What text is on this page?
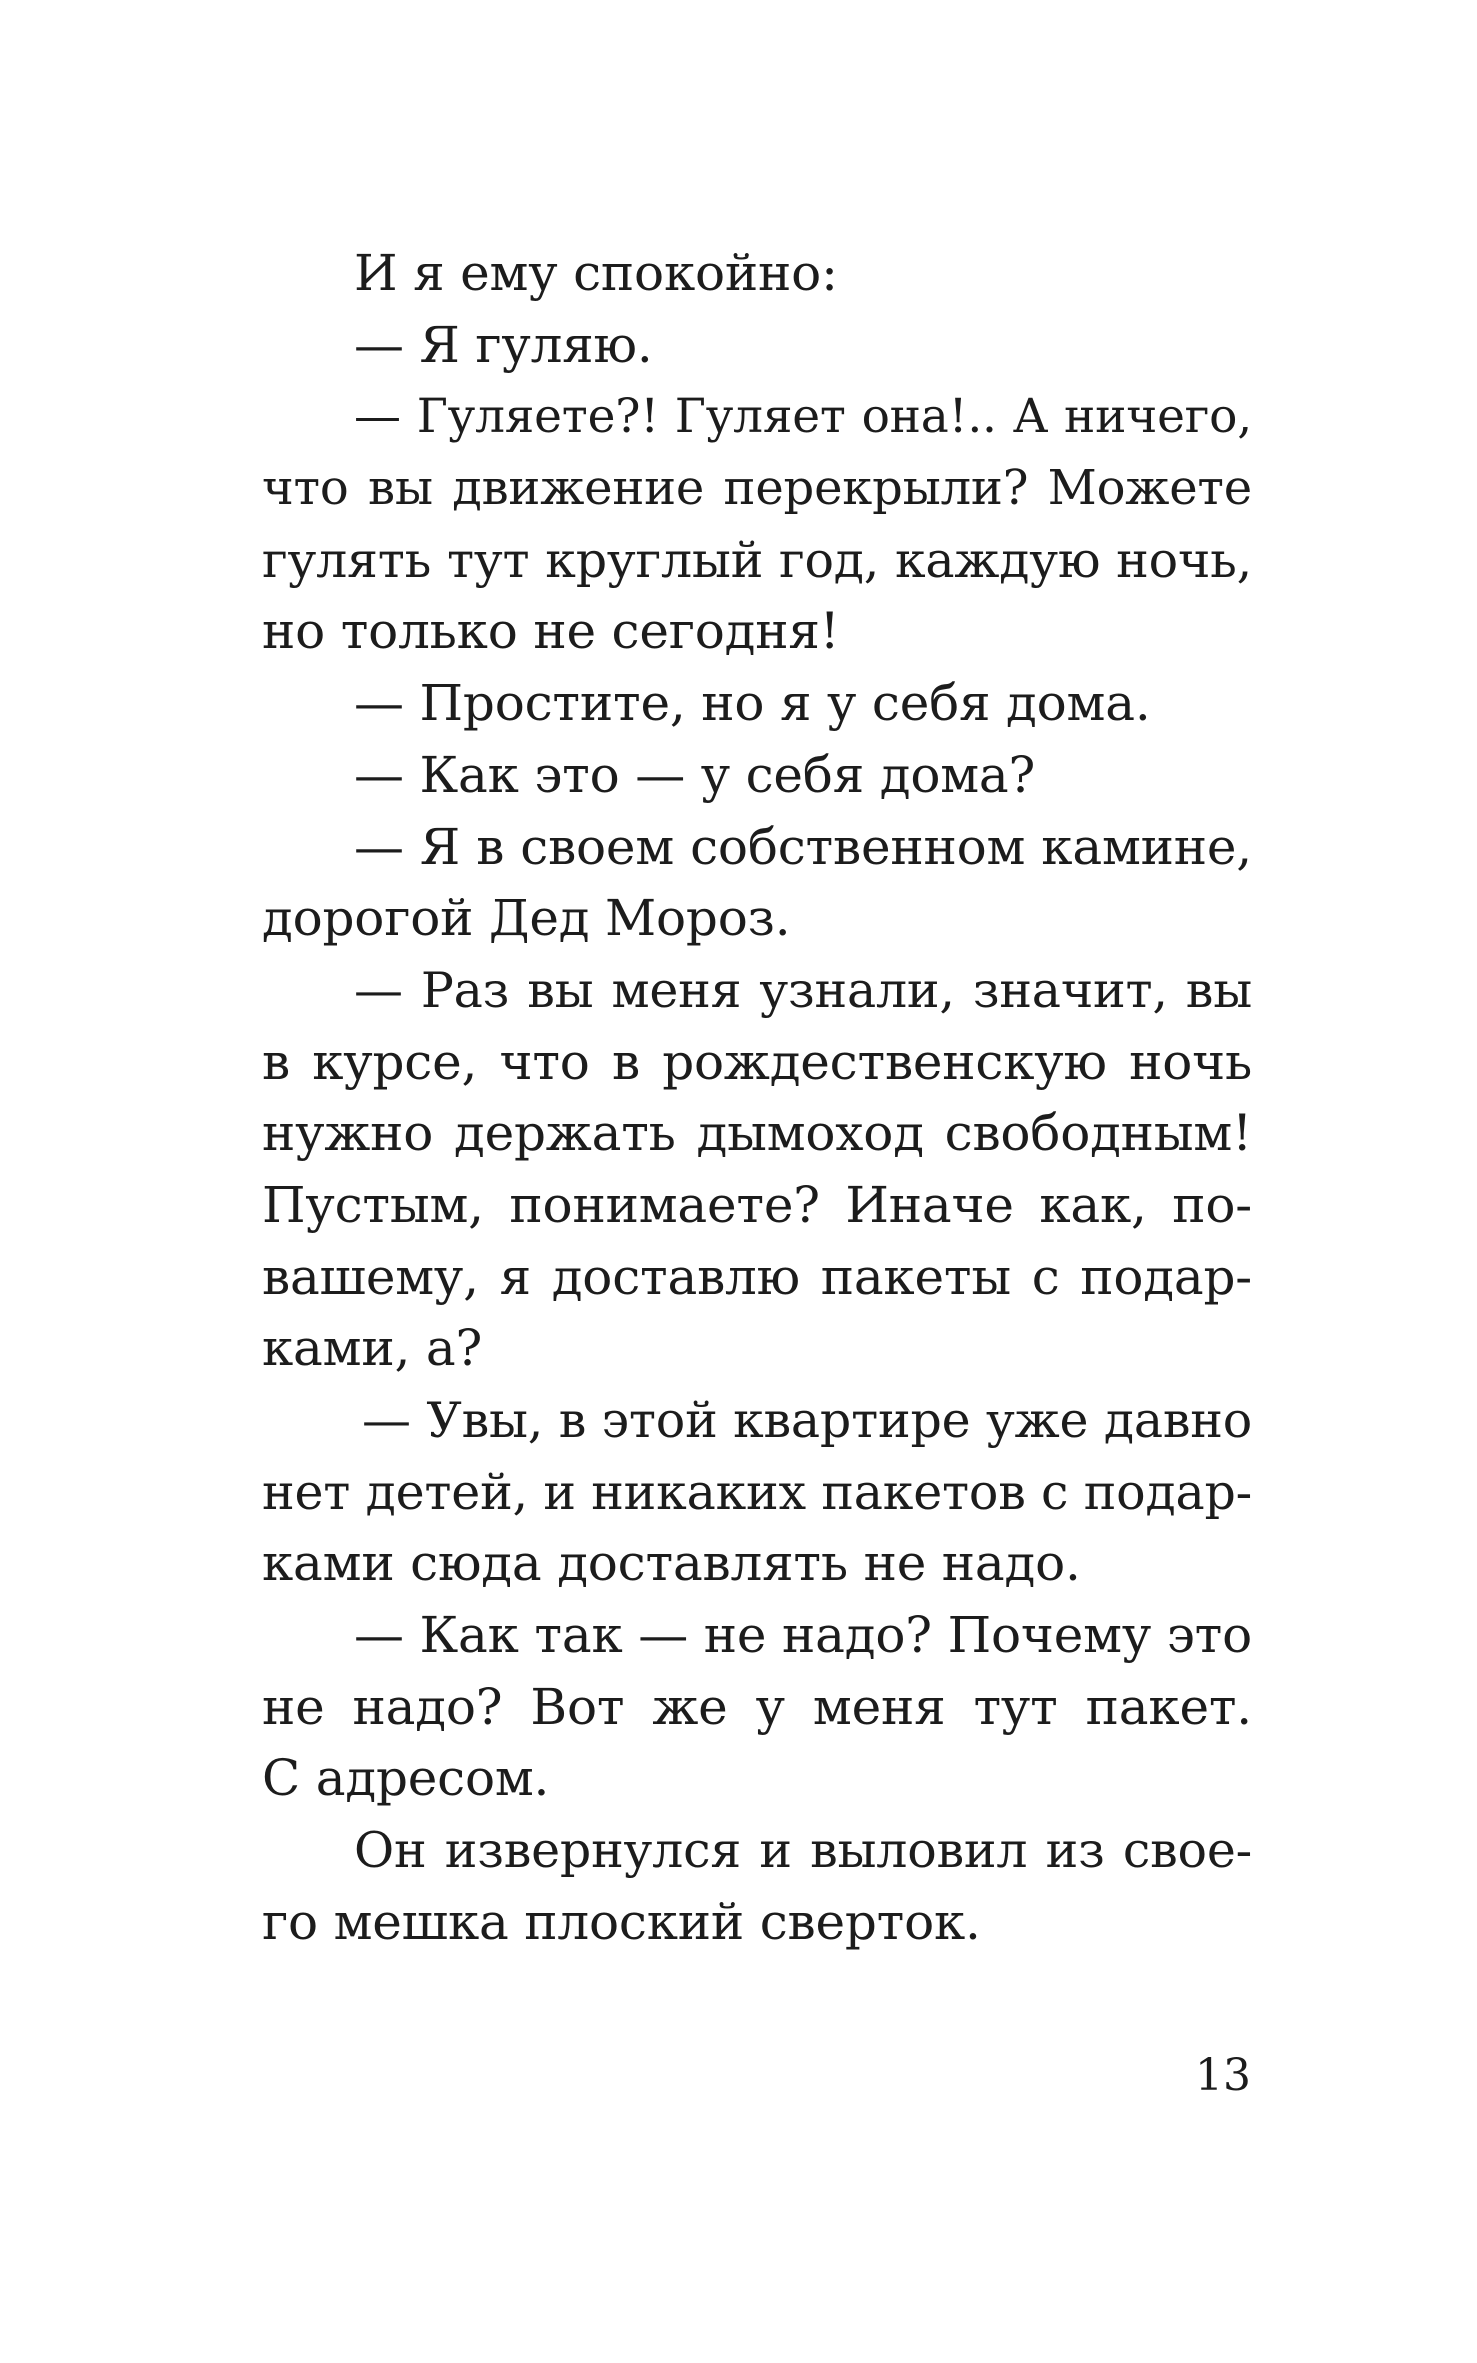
И я ему спокойно:
— Я гуляю.
— Гуляете?! Гуляет она!.. А ничего,
что вы движение перекрыли? Можете
гулять тут круглый год, каждую ночь,
но только не сегодня!
— Простите, но я у себя дома.
— Как это — у себя дома?
— Я в своем собственном камине,
дорогой Дед Мороз.
— Раз вы меня узнали, значит, вы
в курсе, что в рождественскую ночь
нужно держать дымоход свободным!
Пустым, понимаете? Иначе как, по-
вашему, я доставлю пакеты с подар-
ками, а?
— Увы, в этой квартире уже давно
нет детей, и никаких пакетов с подар-
ками сюда доставлять не надо.
— Как так — не надо? Почему это
не надо? Вот же у меня тут пакет.
С адресом.
Он извернулся и выловил из свое-
го мешка плоский сверток.
13
